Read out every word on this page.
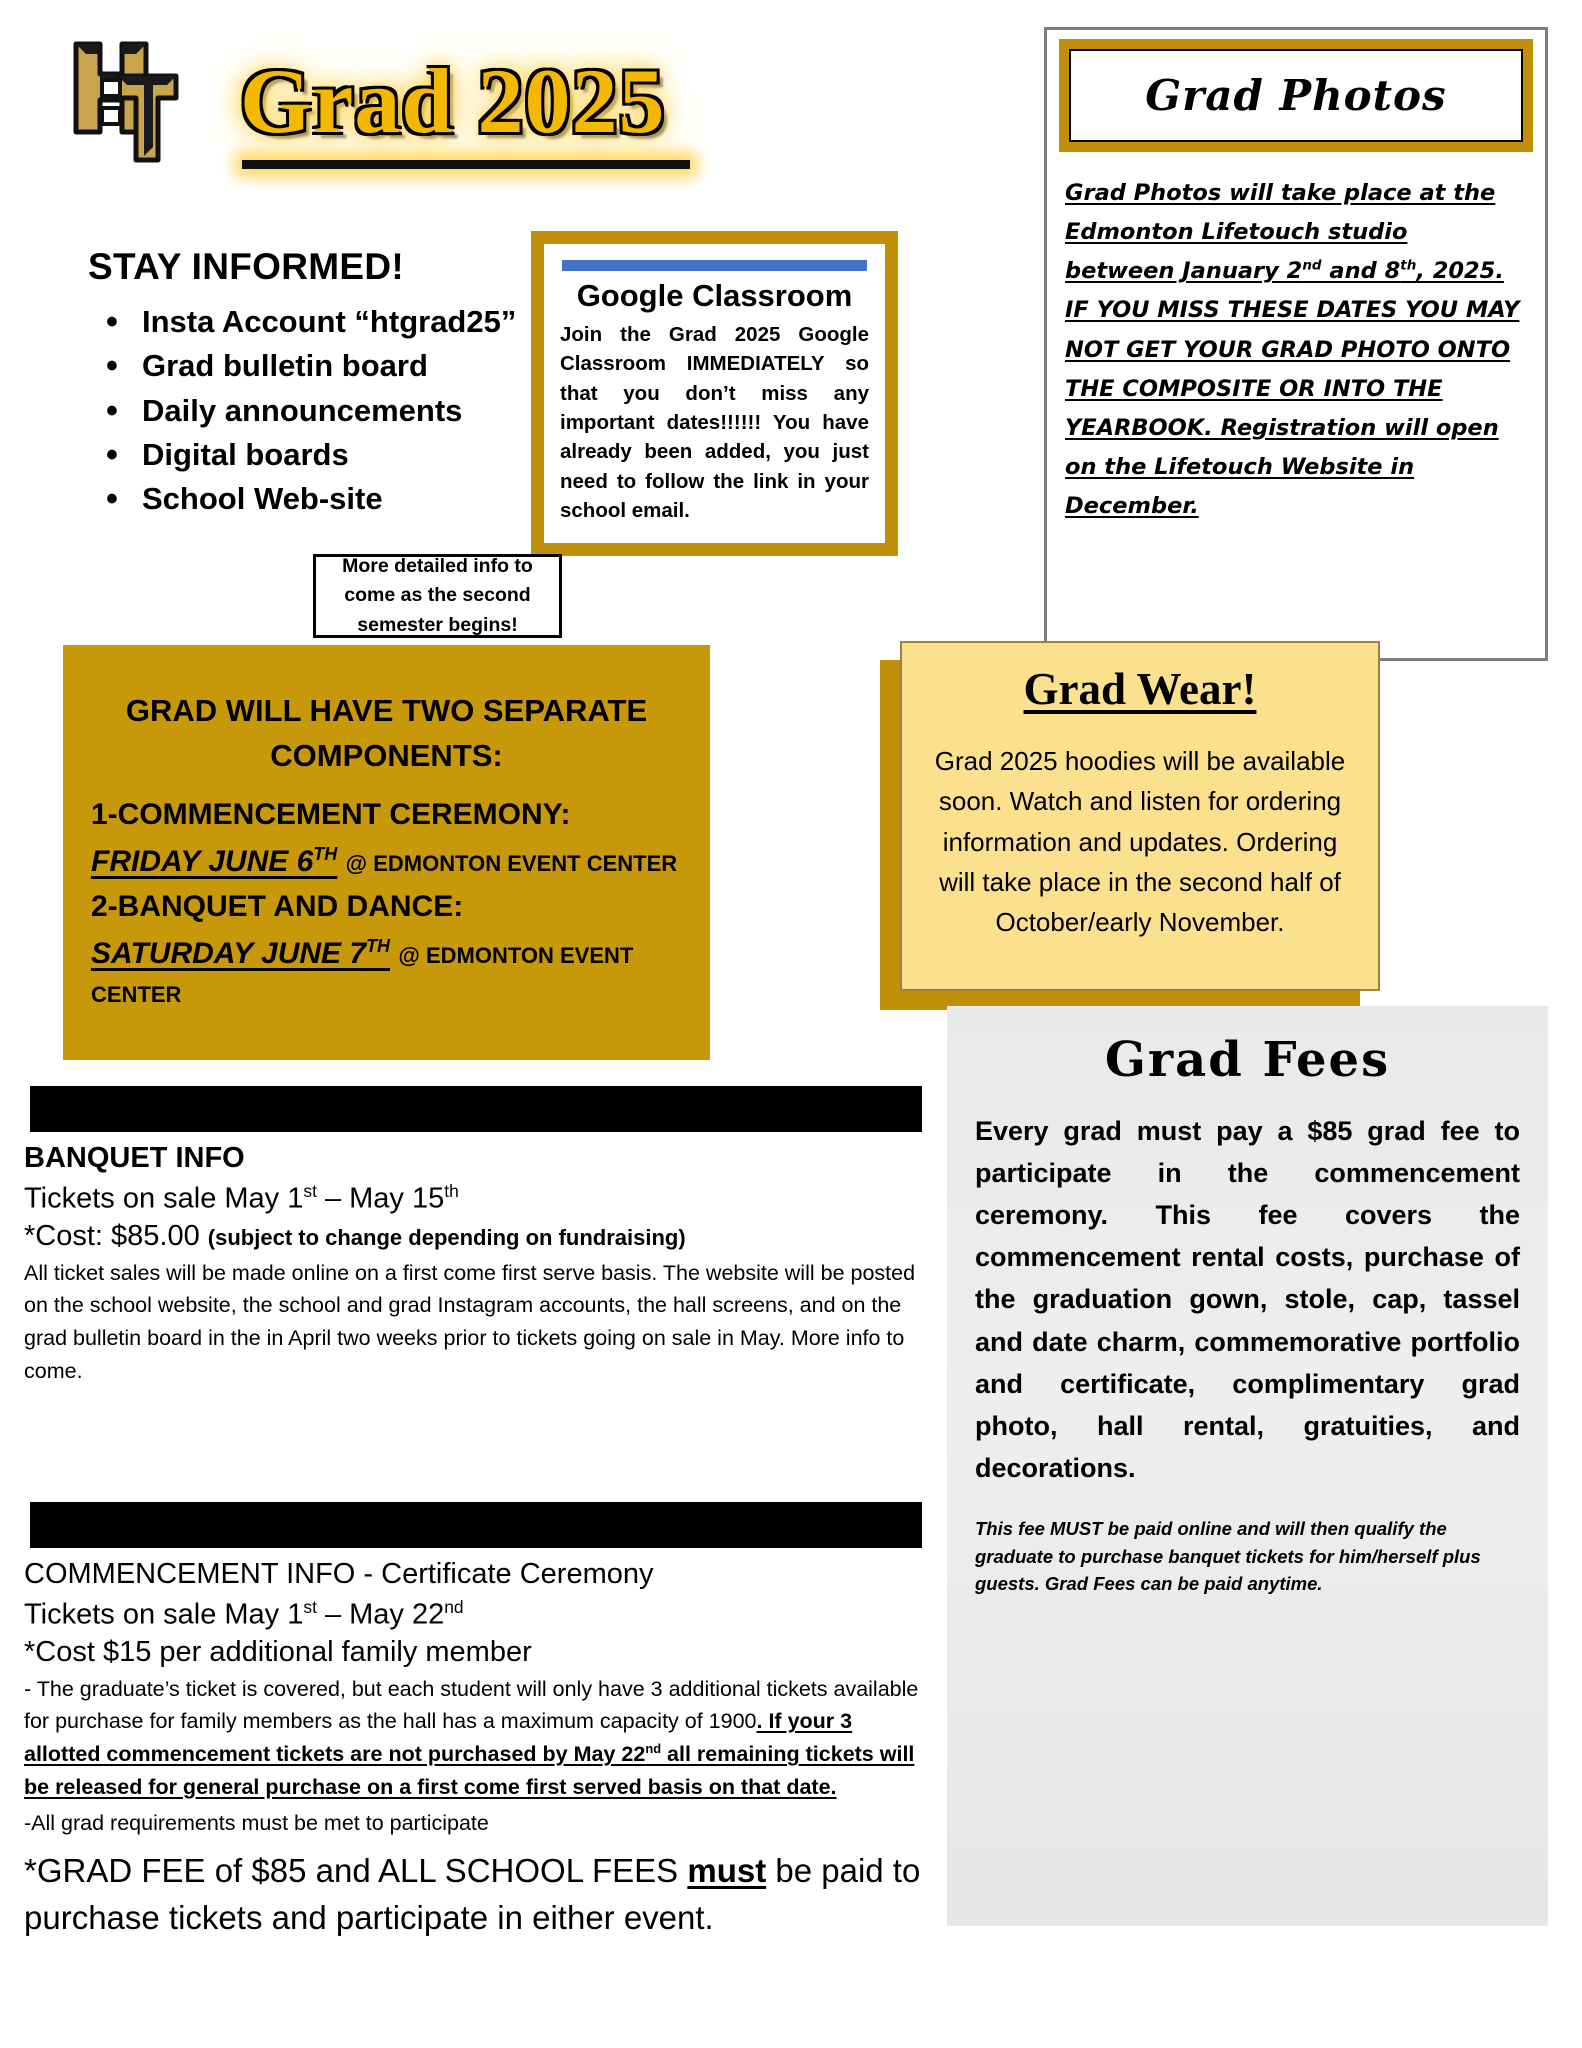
Grad 2025
STAY INFORMED!
• Insta Account “htgrad25”
• Grad bulletin board
• Daily announcements
• Digital boards
• School Web-site
Google Classroom
Join the Grad 2025 Google Classroom IMMEDIATELY so that you don’t miss any important dates!!!!!! You have already been added, you just need to follow the link in your school email.

More detailed info to come as the second semester begins!

Grad Photos
Grad Photos will take place at the Edmonton Lifetouch studio between January 2nd and 8th, 2025. IF YOU MISS THESE DATES YOU MAY NOT GET YOUR GRAD PHOTO ONTO THE COMPOSITE OR INTO THE YEARBOOK. Registration will open on the Lifetouch Website in December.
GRAD WILL HAVE TWO SEPARATE COMPONENTS:
1-COMMENCEMENT CEREMONY:
FRIDAY JUNE 6TH @ EDMONTON EVENT CENTER
2-BANQUET AND DANCE:
SATURDAY JUNE 7TH @ EDMONTON EVENT CENTER
Grad Wear!
Grad 2025 hoodies will be available soon. Watch and listen for ordering information and updates. Ordering will take place in the second half of October/early November.
Grad Fees
Every grad must pay a $85 grad fee to participate in the commencement ceremony. This fee covers the commencement rental costs, purchase of the graduation gown, stole, cap, tassel and date charm, commemorative portfolio and certificate, complimentary grad photo, hall rental, gratuities, and decorations.
This fee MUST be paid online and will then qualify the graduate to purchase banquet tickets for him/herself plus guests. Grad Fees can be paid anytime.
BANQUET INFO
Tickets on sale May 1st – May 15th
*Cost: $85.00 (subject to change depending on fundraising)
All ticket sales will be made online on a first come first serve basis. The website will be posted on the school website, the school and grad Instagram accounts, the hall screens, and on the grad bulletin board in the in April two weeks prior to tickets going on sale in May. More info to come.
COMMENCEMENT INFO - Certificate Ceremony
Tickets on sale May 1st – May 22nd
*Cost $15 per additional family member
- The graduate’s ticket is covered, but each student will only have 3 additional tickets available for purchase for family members as the hall has a maximum capacity of 1900. If your 3 allotted commencement tickets are not purchased by May 22nd all remaining tickets will be released for general purchase on a first come first served basis on that date.
-All grad requirements must be met to participate
*GRAD FEE of $85 and ALL SCHOOL FEES must be paid to purchase tickets and participate in either event.
